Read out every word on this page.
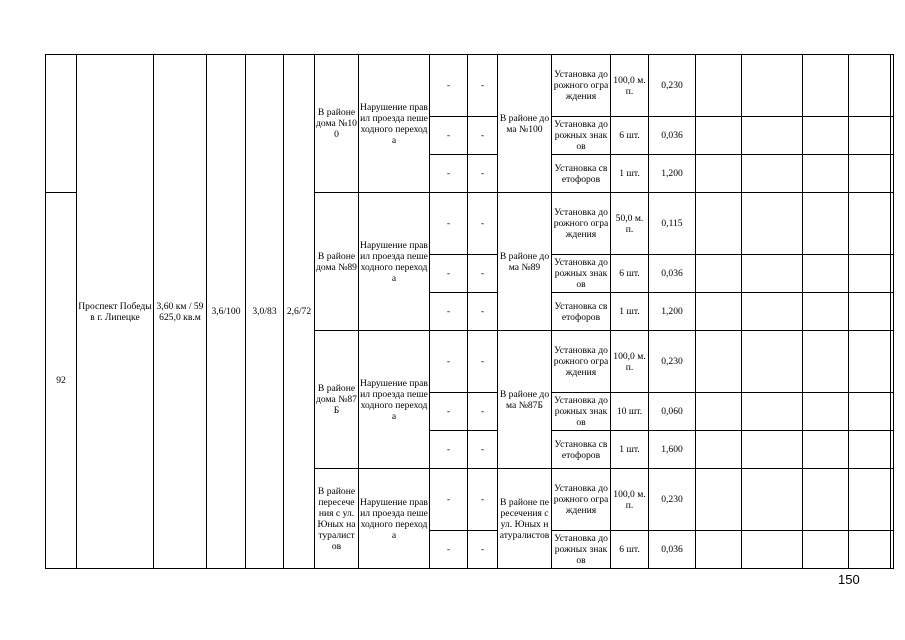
	Проспект Победы в г. Липецке	3,60 км / 59625,0 кв.м	3,6/100	3,0/83	2,6/72	В районе дома №100	Нарушение правил проезда пешеходного перехода	-	-	В районе дома №100	Установка дорожного ограждения	100,0 м.п.	0,230					
								-	-		Установка дорожных знаков	6 шт.	0,036					
								-	-		Установка светофоров	1 шт.	1,200					
92						В районе дома №89	Нарушение правил проезда пешеходного перехода	-	-	В районе дома №89	Установка дорожного ограждения	50,0 м.п.	0,115					
								-	-		Установка дорожных знаков	6 шт.	0,036					
								-	-		Установка светофоров	1 шт.	1,200					
						В районе дома №87Б	Нарушение правил проезда пешеходного перехода	-	-	В районе дома №87Б	Установка дорожного ограждения	100,0 м.п.	0,230					
								-	-		Установка дорожных знаков	10 шт.	0,060					
								-	-		Установка светофоров	1 шт.	1,600					
						В районе пересечения с ул. Юных натуралистов	Нарушение правил проезда пешеходного перехода	-	-	В районе пересечения с ул. Юных натуралистов	Установка дорожного ограждения	100,0 м.п.	0,230					
								-	-		Установка дорожных знаков	6 шт.	0,036					
150
